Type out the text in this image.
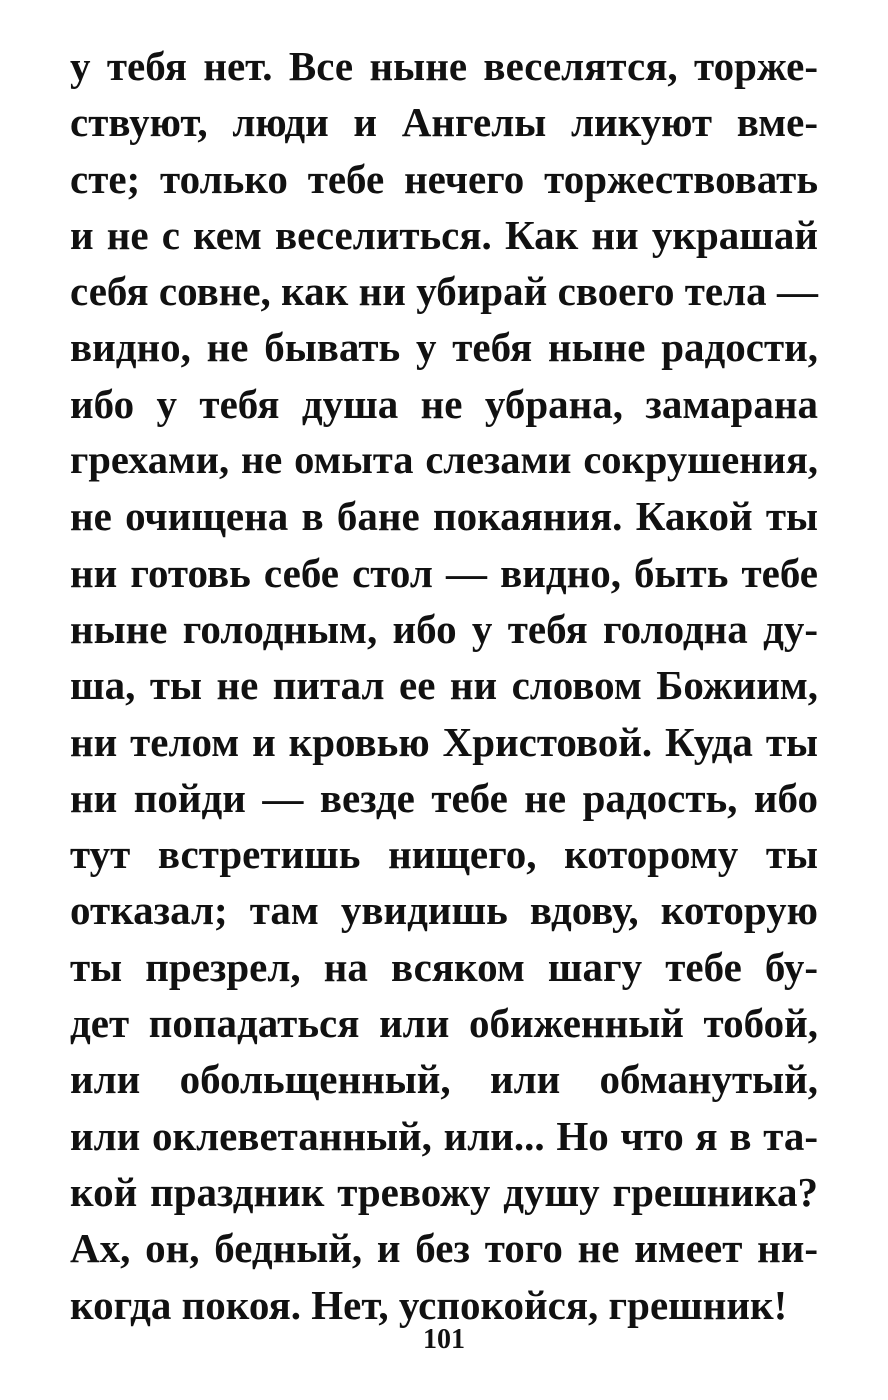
у тебя нет. Все ныне веселятся, торже-
ствуют, люди и Ангелы ликуют вме-
сте; только тебе нечего торжествовать
и не с кем веселиться. Как ни украшай
себя совне, как ни убирай своего тела —
видно, не бывать у тебя ныне радости,
ибо у тебя душа не убрана, замарана
грехами, не омыта слезами сокрушения,
не очищена в бане покаяния. Какой ты
ни готовь себе стол — видно, быть тебе
ныне голодным, ибо у тебя голодна ду-
ша, ты не питал ее ни словом Божиим,
ни телом и кровью Христовой. Куда ты
ни пойди — везде тебе не радость, ибо
тут встретишь нищего, которому ты
отказал; там увидишь вдову, которую
ты презрел, на всяком шагу тебе бу-
дет попадаться или обиженный тобой,
или обольщенный, или обманутый,
или оклеветанный, или... Но что я в та-
кой праздник тревожу душу грешника?
Ах, он, бедный, и без того не имеет ни-
когда покоя. Нет, успокойся, грешник!
101
